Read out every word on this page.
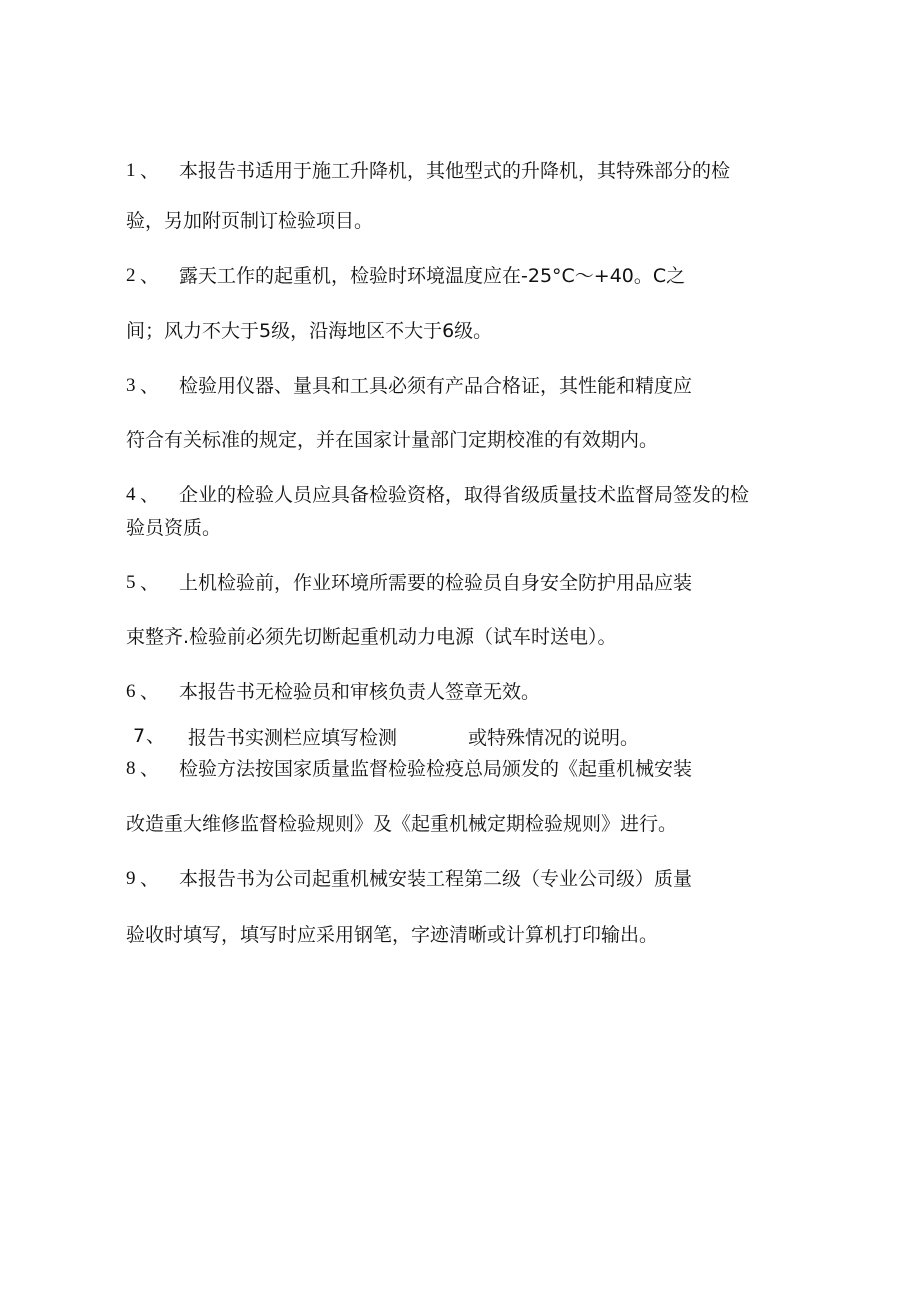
1 、 本报告书适用于施工升降机，其他型式的升降机，其特殊部分的检
验，另加附页制订检验项目。
2 、 露天工作的起重机，检验时环境温度应在-25°C～+40。C之
间；风力不大于5级，沿海地区不大于6级。
3 、 检验用仪器、量具和工具必须有产品合格证，其性能和精度应
符合有关标准的规定，并在国家计量部门定期校准的有效期内。
4 、 企业的检验人员应具备检验资格，取得省级质量技术监督局签发的检
验员资质。
5 、 上机检验前，作业环境所需要的检验员自身安全防护用品应装
束整齐.检验前必须先切断起重机动力电源（试车时送电）。
6 、 本报告书无检验员和审核负责人签章无效。
7 、 报告书实测栏应填写检测	或特殊情况的说明。
8 、 检验方法按国家质量监督检验检疫总局颁发的《起重机械安装
改造重大维修监督检验规则》及《起重机械定期检验规则》进行。
9 、 本报告书为公司起重机械安装工程第二级（专业公司级）质量
验收时填写，填写时应采用钢笔，字迹清晰或计算机打印输出。
